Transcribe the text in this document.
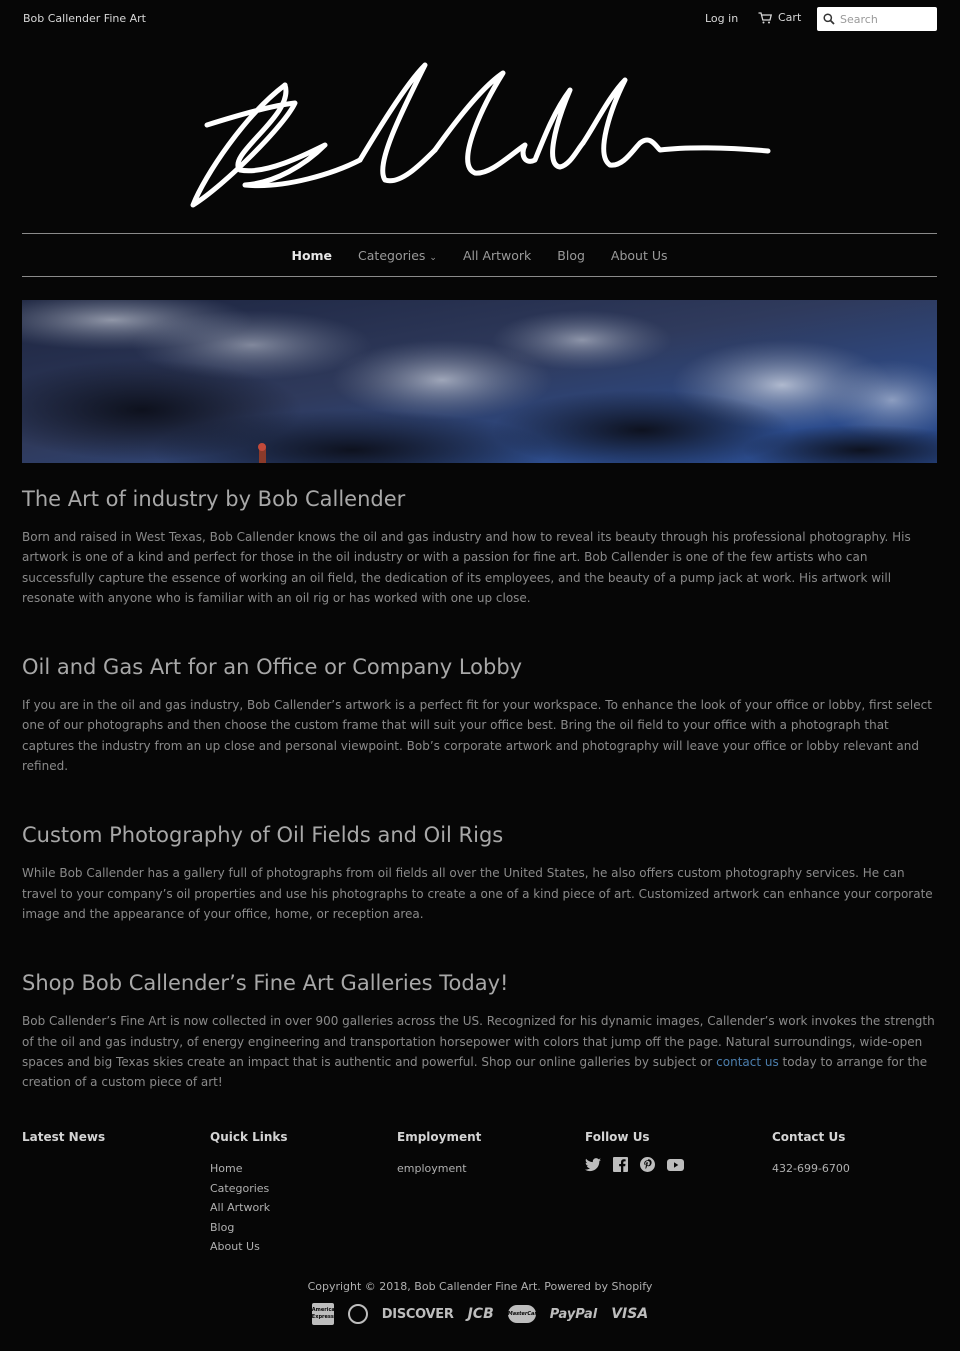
Bob Callender Fine Art	Log in	Cart
Search
Home Categories ⌄ All Artwork Blog About Us
The Art of industry by Bob Callender

Born and raised in West Texas, Bob Callender knows the oil and gas industry and how to reveal its beauty through his professional photography. His artwork is one of a kind and perfect for those in the oil industry or with a passion for fine art. Bob Callender is one of the few artists who can successfully capture the essence of working an oil field, the dedication of its employees, and the beauty of a pump jack at work. His artwork will resonate with anyone who is familiar with an oil rig or has worked with one up close.

Oil and Gas Art for an Office or Company Lobby

If you are in the oil and gas industry, Bob Callender’s artwork is a perfect fit for your workspace. To enhance the look of your office or lobby, first select one of our photographs and then choose the custom frame that will suit your office best. Bring the oil field to your office with a photograph that captures the industry from an up close and personal viewpoint. Bob’s corporate artwork and photography will leave your office or lobby relevant and refined.

Custom Photography of Oil Fields and Oil Rigs

While Bob Callender has a gallery full of photographs from oil fields all over the United States, he also offers custom photography services. He can travel to your company’s oil properties and use his photographs to create a one of a kind piece of art. Customized artwork can enhance your corporate image and the appearance of your office, home, or reception area.

Shop Bob Callender’s Fine Art Galleries Today!

Bob Callender’s Fine Art is now collected in over 900 galleries across the US. Recognized for his dynamic images, Callender’s work invokes the strength of the oil and gas industry, of energy engineering and transportation horsepower with colors that jump off the page. Natural surroundings, wide-open spaces and big Texas skies create an impact that is authentic and powerful. Shop our online galleries by subject or contact us today to arrange for the creation of a custom piece of art!

Latest News	Quick Links
Home
Categories
All Artwork
Blog
About Us
Employment
employment
Follow Us	Contact Us
432-699-6700
Copyright © 2018, Bob Callender Fine Art. Powered by Shopify
American Express	DISCOVER JCB	MasterCard PayPal VISA
